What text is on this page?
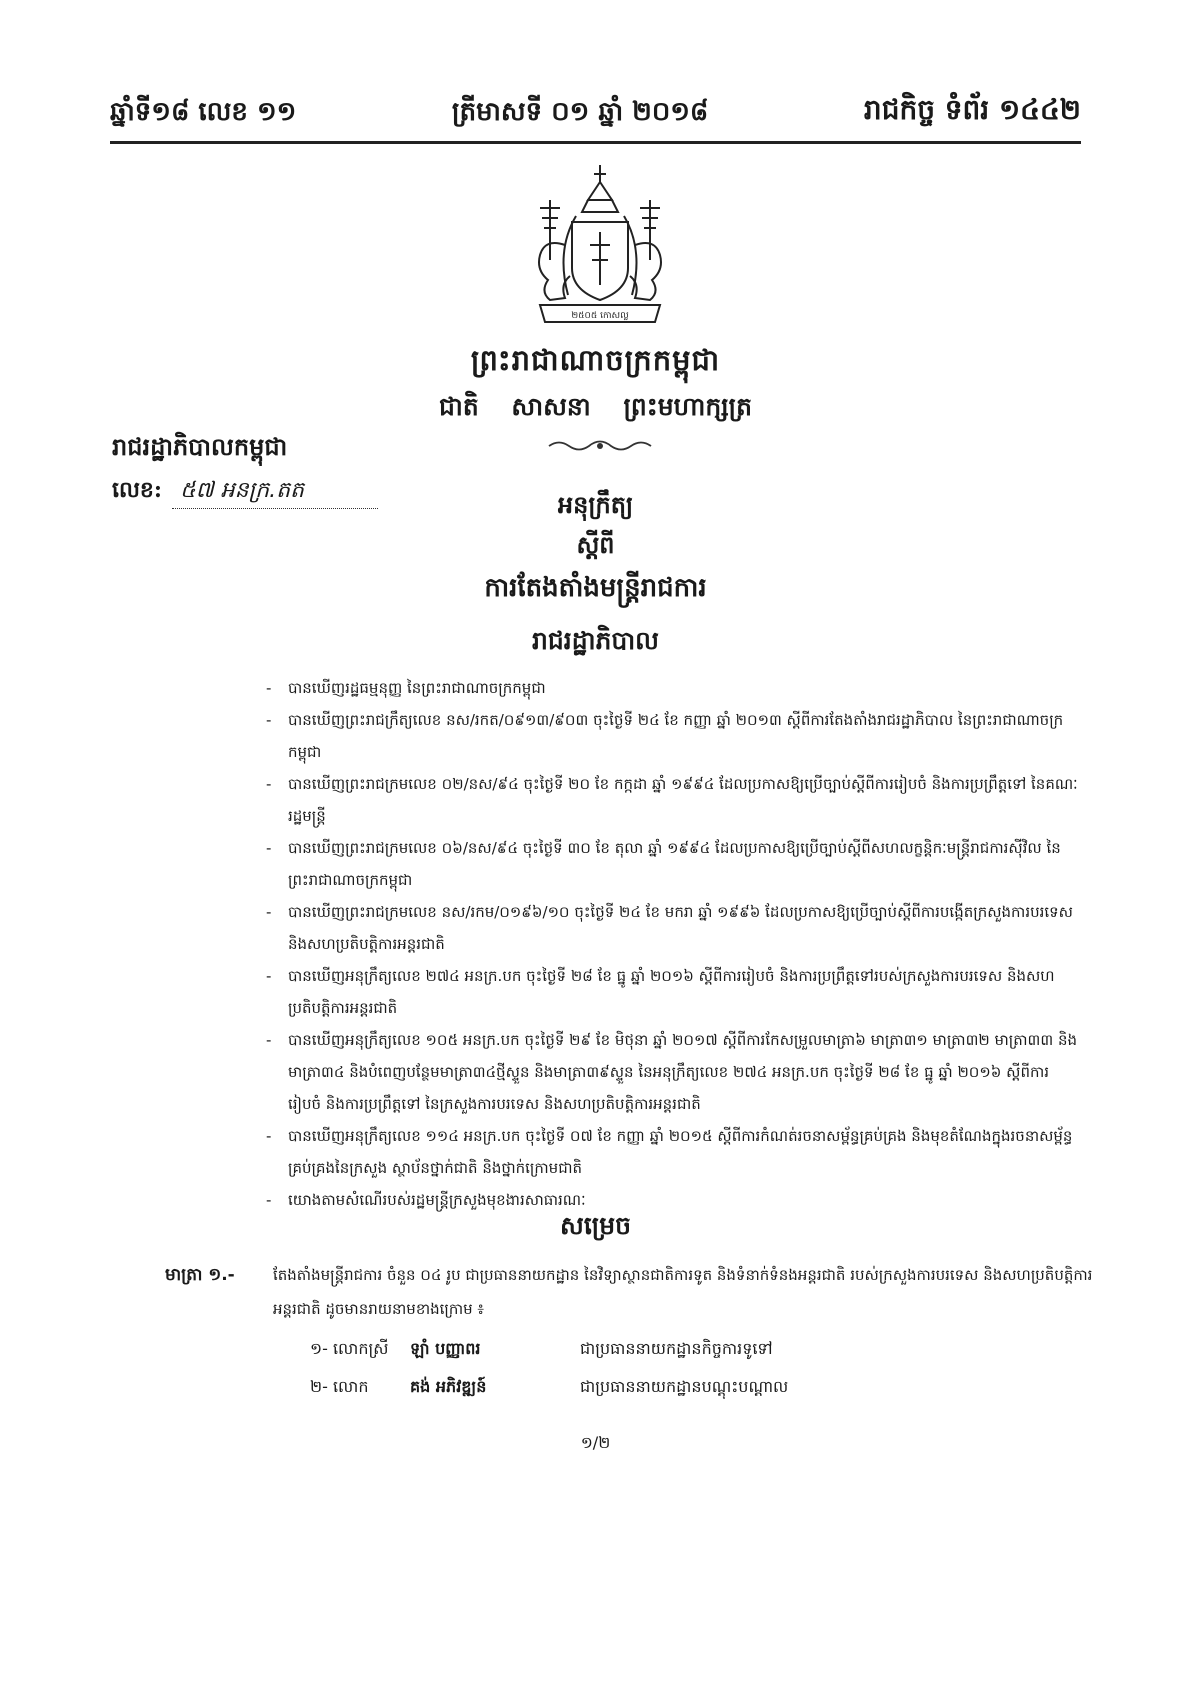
ឆ្នាំទី១៨ លេខ ១១	ត្រីមាសទី ០១ ឆ្នាំ ២០១៨	រាជកិច្ច ទំព័រ ១៤៤២
២៥០៥ កោសល្ល
ព្រះរាជាណាចក្រកម្ពុជា
ជាតិ សាសនា ព្រះមហាក្សត្រ
រាជរដ្ឋាភិបាលកម្ពុជា
លេខ: ៥៧ អនក្រ.តត	អនុក្រឹត្យ
ស្តីពី
ការតែងតាំងមន្ត្រីរាជការ
រាជរដ្ឋាភិបាល
- បានឃើញរដ្ឋធម្មនុញ្ញ នៃព្រះរាជាណាចក្រកម្ពុជា
- បានឃើញព្រះរាជក្រឹត្យលេខ នស/រកត/០៩១៣/៩០៣ ចុះថ្ងៃទី ២៤ ខែ កញ្ញា ឆ្នាំ ២០១៣ ស្តីពីការតែងតាំងរាជរដ្ឋាភិបាល នៃព្រះរាជាណាចក្រកម្ពុជា
- បានឃើញព្រះរាជក្រមលេខ ០២/នស/៩៤ ចុះថ្ងៃទី ២០ ខែ កក្កដា ឆ្នាំ ១៩៩៤ ដែលប្រកាសឱ្យប្រើច្បាប់ស្តីពីការរៀបចំ និងការប្រព្រឹត្តទៅ នៃគណៈរដ្ឋមន្ត្រី
- បានឃើញព្រះរាជក្រមលេខ ០៦/នស/៩៤ ចុះថ្ងៃទី ៣០ ខែ តុលា ឆ្នាំ ១៩៩៤ ដែលប្រកាសឱ្យប្រើច្បាប់ស្តីពីសហលក្ខន្តិកៈមន្ត្រីរាជការស៊ីវិល នៃព្រះរាជាណាចក្រកម្ពុជា
- បានឃើញព្រះរាជក្រមលេខ នស/រកម/០១៩៦/១០ ចុះថ្ងៃទី ២៤ ខែ មករា ឆ្នាំ ១៩៩៦ ដែលប្រកាសឱ្យប្រើច្បាប់ស្តីពីការបង្កើតក្រសួងការបរទេស និងសហប្រតិបត្តិការអន្តរជាតិ
- បានឃើញអនុក្រឹត្យលេខ ២៧៤ អនក្រ.បក ចុះថ្ងៃទី ២៨ ខែ ធ្នូ ឆ្នាំ ២០១៦ ស្តីពីការរៀបចំ និងការប្រព្រឹត្តទៅរបស់ក្រសួងការបរទេស និងសហប្រតិបត្តិការអន្តរជាតិ
- បានឃើញអនុក្រឹត្យលេខ ១០៥ អនក្រ.បក ចុះថ្ងៃទី ២៩ ខែ មិថុនា ឆ្នាំ ២០១៧ ស្តីពីការកែសម្រួលមាត្រា៦ មាត្រា៣១ មាត្រា៣២ មាត្រា៣៣ និងមាត្រា៣៤ និងបំពេញបន្ថែមមាត្រា៣៤ថ្មីស្ទួន និងមាត្រា៣៩ស្ទួន នៃអនុក្រឹត្យលេខ ២៧៤ អនក្រ.បក ចុះថ្ងៃទី ២៨ ខែ ធ្នូ ឆ្នាំ ២០១៦ ស្តីពីការរៀបចំ និងការប្រព្រឹត្តទៅ នៃក្រសួងការបរទេស និងសហប្រតិបត្តិការអន្តរជាតិ
- បានឃើញអនុក្រឹត្យលេខ ១១៤ អនក្រ.បក ចុះថ្ងៃទី ០៧ ខែ កញ្ញា ឆ្នាំ ២០១៥ ស្តីពីការកំណត់រចនាសម្ព័ន្ធគ្រប់គ្រង និងមុខតំណែងក្នុងរចនាសម្ព័ន្ធគ្រប់គ្រងនៃក្រសួង ស្ថាប័នថ្នាក់ជាតិ និងថ្នាក់ក្រោមជាតិ
- យោងតាមសំណើរបស់រដ្ឋមន្ត្រីក្រសួងមុខងារសាធារណៈ
សម្រេច
មាត្រា ១.-	តែងតាំងមន្ត្រីរាជការ ចំនួន ០៤ រូប ជាប្រធាននាយកដ្ឋាន នៃវិទ្យាស្ថានជាតិការទូត និងទំនាក់ទំនងអន្តរជាតិ របស់ក្រសួងការបរទេស និងសហប្រតិបត្តិការអន្តរជាតិ ដូចមានរាយនាមខាងក្រោម ៖
១- លោកស្រី	ឡាំ បញ្ញាពរ	ជាប្រធាននាយកដ្ឋានកិច្ចការទូទៅ
២- លោក	គង់ អភិវឌ្ឍន៍	ជាប្រធាននាយកដ្ឋានបណ្តុះបណ្តាល
១/២
